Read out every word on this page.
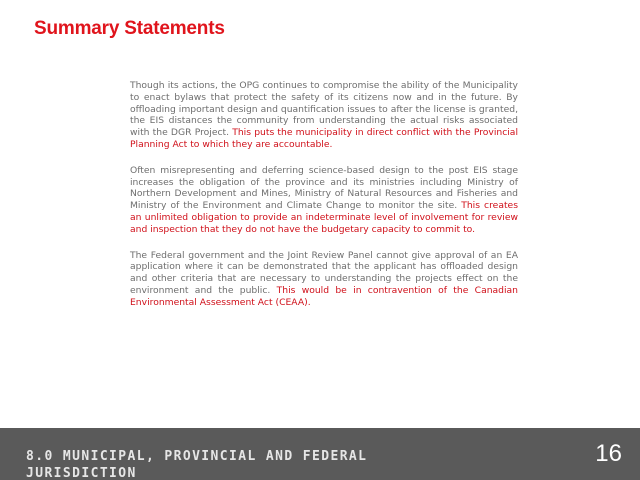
Summary Statements

Though its actions, the OPG continues to compromise the ability of the Municipality to enact bylaws that protect the safety of its citizens now and in the future. By offloading important design and quantification issues to after the license is granted, the EIS distances the community from understanding the actual risks associated with the DGR Project. This puts the municipality in direct conflict with the Provincial Planning Act to which they are accountable.

Often misrepresenting and deferring science-based design to the post EIS stage increases the obligation of the province and its ministries including Ministry of Northern Development and Mines, Ministry of Natural Resources and Fisheries and Ministry of the Environment and Climate Change to monitor the site. This creates an unlimited obligation to provide an indeterminate level of involvement for review and inspection that they do not have the budgetary capacity to commit to.

The Federal government and the Joint Review Panel cannot give approval of an EA application where it can be demonstrated that the applicant has offloaded design and other criteria that are necessary to understanding the projects effect on the environment and the public. This would be in contravention of the Canadian Environmental Assessment Act (CEAA).

8.0 MUNICIPAL, PROVINCIAL AND FEDERAL JURISDICTION
16
